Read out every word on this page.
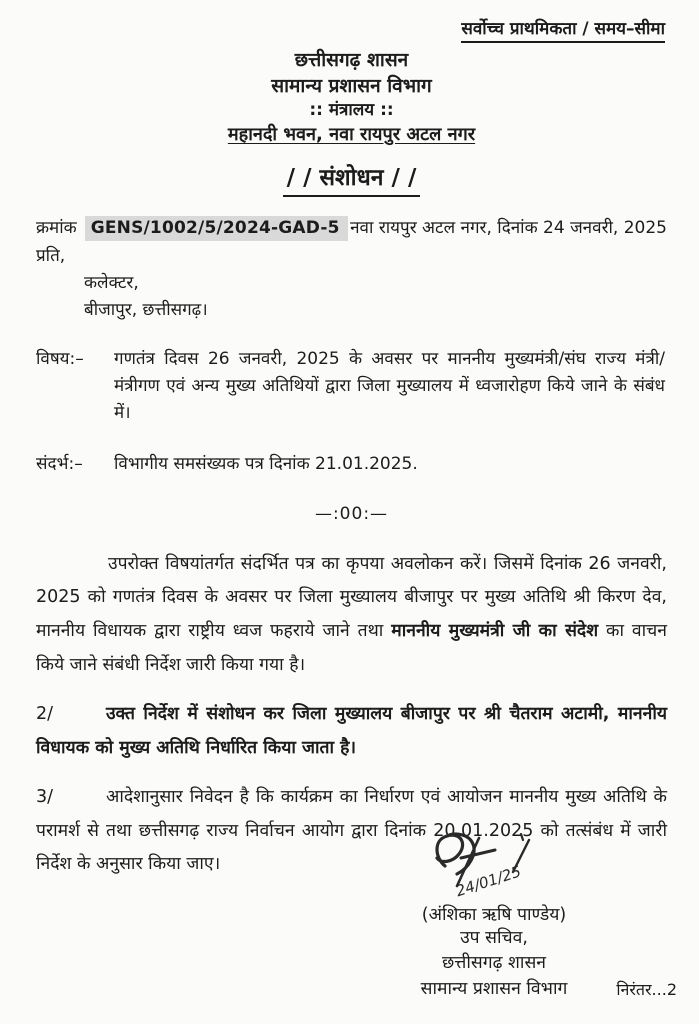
सर्वोच्च प्राथमिकता / समय–सीमा
छत्तीसगढ़ शासन
सामान्य प्रशासन विभाग
:: मंत्रालय ::
महानदी भवन, नवा रायपुर अटल नगर
/ / संशोधन / /
क्रमांक GENS/1002/5/2024-GAD-5 नवा रायपुर अटल नगर, दिनांक 24 जनवरी, 2025
प्रति,
कलेक्टर,
बीजापुर, छत्तीसगढ़।
विषय:–	गणतंत्र दिवस 26 जनवरी, 2025 के अवसर पर माननीय मुख्यमंत्री/संघ राज्य मंत्री/मंत्रीगण एवं अन्य मुख्य अतिथियों द्वारा जिला मुख्यालय में ध्वजारोहण किये जाने के संबंध में।
संदर्भ:–	विभागीय समसंख्यक पत्र दिनांक 21.01.2025.
—:00:—

उपरोक्त विषयांतर्गत संदर्भित पत्र का कृपया अवलोकन करें। जिसमें दिनांक 26 जनवरी, 2025 को गणतंत्र दिवस के अवसर पर जिला मुख्यालय बीजापुर पर मुख्य अतिथि श्री किरण देव, माननीय विधायक द्वारा राष्ट्रीय ध्वज फहराये जाने तथा माननीय मुख्यमंत्री जी का संदेश का वाचन किये जाने संबंधी निर्देश जारी किया गया है।

2/	उक्त निर्देश में संशोधन कर जिला मुख्यालय बीजापुर पर श्री चैतराम अटामी, माननीय विधायक को मुख्य अतिथि निर्धारित किया जाता है।

3/	आदेशानुसार निवेदन है कि कार्यक्रम का निर्धारण एवं आयोजन माननीय मुख्य अतिथि के परामर्श से तथा छत्तीसगढ़ राज्य निर्वाचन आयोग द्वारा दिनांक 20.01.2025 को तत्संबंध में जारी निर्देश के अनुसार किया जाए।	24/01/25
(अंशिका ऋषि पाण्डेय)
उप सचिव,
छत्तीसगढ़ शासन
सामान्य प्रशासन विभाग	निरंतर...2
